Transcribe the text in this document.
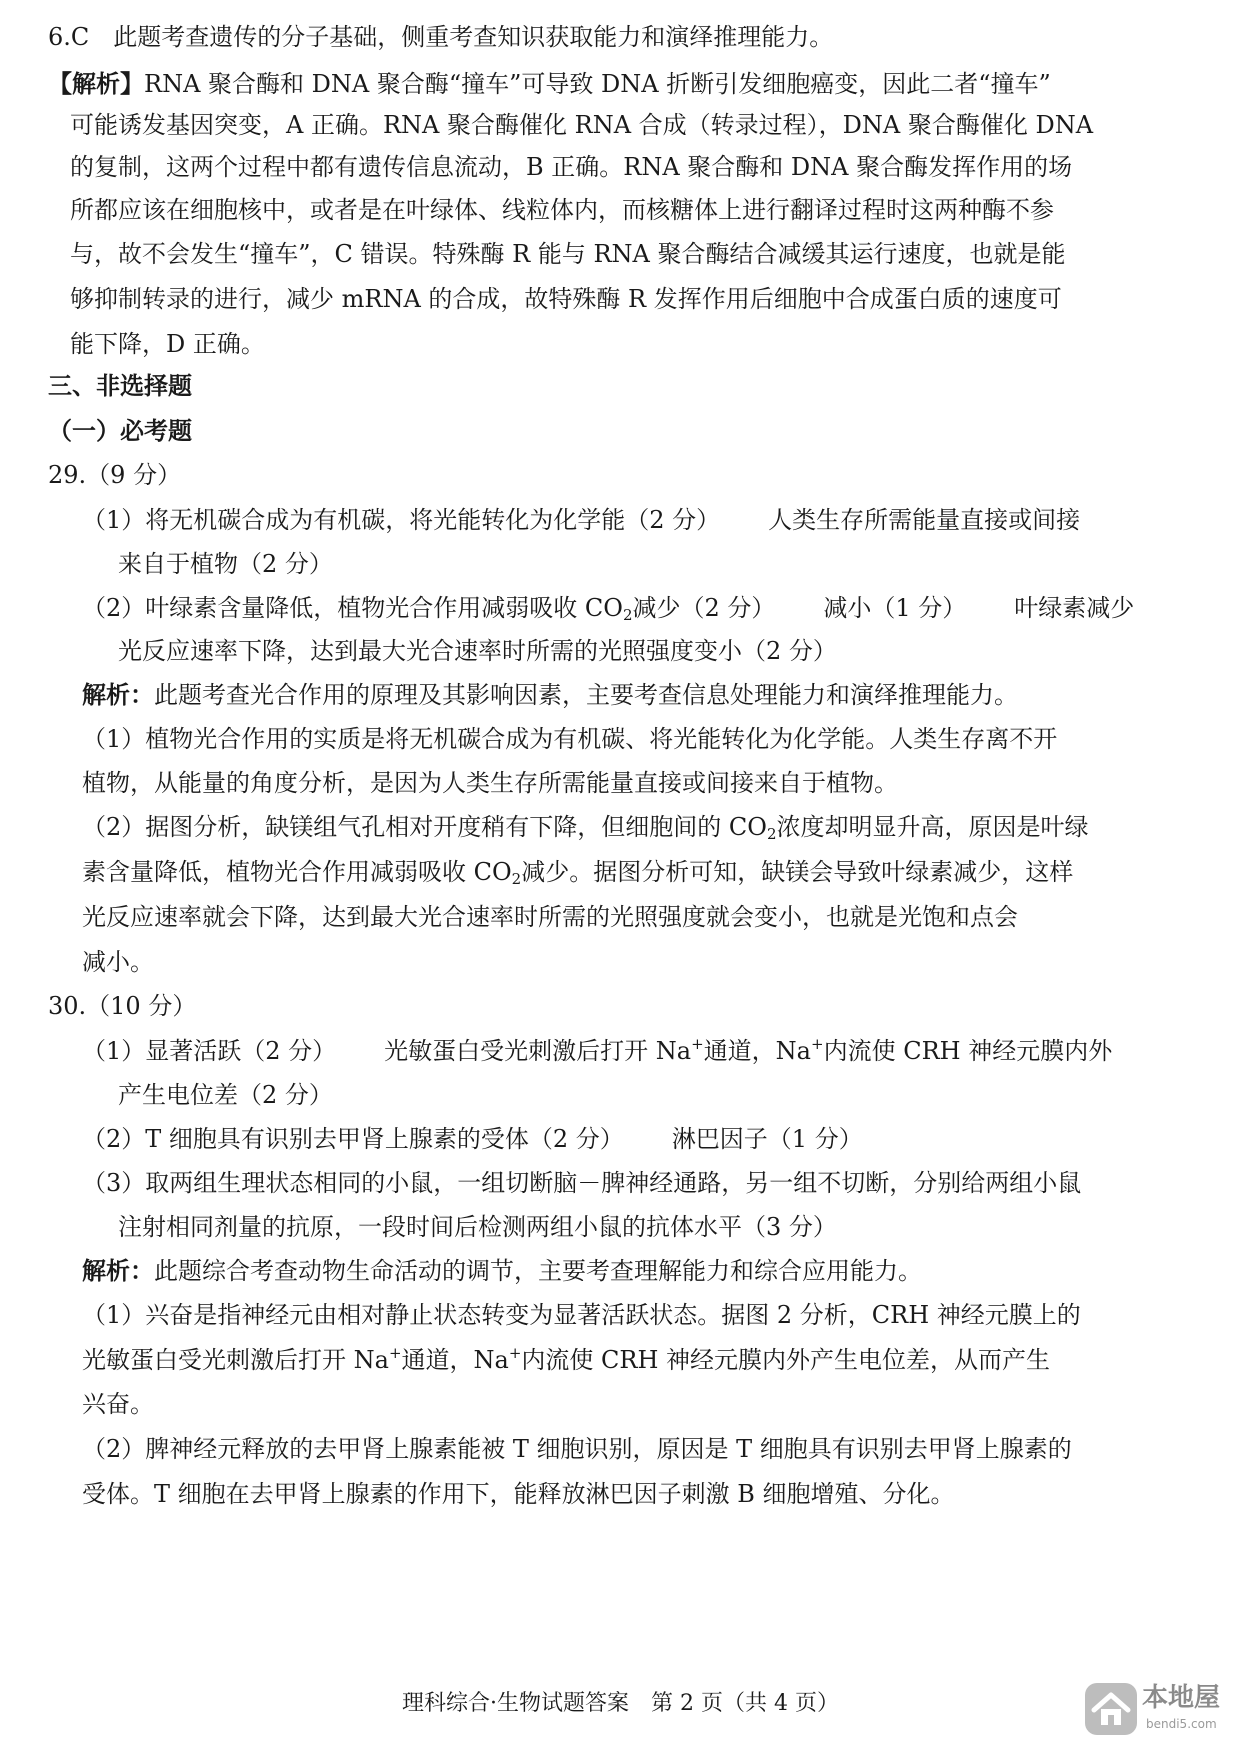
6.C　此题考查遗传的分子基础，侧重考查知识获取能力和演绎推理能力。
【解析】RNA 聚合酶和 DNA 聚合酶“撞车”可导致 DNA 折断引发细胞癌变，因此二者“撞车”
可能诱发基因突变，A 正确。RNA 聚合酶催化 RNA 合成（转录过程），DNA 聚合酶催化 DNA
的复制，这两个过程中都有遗传信息流动，B 正确。RNA 聚合酶和 DNA 聚合酶发挥作用的场
所都应该在细胞核中，或者是在叶绿体、线粒体内，而核糖体上进行翻译过程时这两种酶不参
与，故不会发生“撞车”，C 错误。特殊酶 R 能与 RNA 聚合酶结合减缓其运行速度，也就是能
够抑制转录的进行，减少 mRNA 的合成，故特殊酶 R 发挥作用后细胞中合成蛋白质的速度可
能下降，D 正确。
三、非选择题
（一）必考题
29.（9 分）
（1）将无机碳合成为有机碳，将光能转化为化学能（2 分） 人类生存所需能量直接或间接
来自于植物（2 分）
（2）叶绿素含量降低，植物光合作用减弱吸收 $CO_2$减少（2 分） 减小（1 分） 叶绿素减少
光反应速率下降，达到最大光合速率时所需的光照强度变小（2 分）
解析：此题考查光合作用的原理及其影响因素，主要考查信息处理能力和演绎推理能力。
（1）植物光合作用的实质是将无机碳合成为有机碳、将光能转化为化学能。人类生存离不开
植物，从能量的角度分析，是因为人类生存所需能量直接或间接来自于植物。
（2）据图分析，缺镁组气孔相对开度稍有下降，但细胞间的 $CO_2$浓度却明显升高，原因是叶绿
素含量降低，植物光合作用减弱吸收 $CO_2$减少。据图分析可知，缺镁会导致叶绿素减少，这样
光反应速率就会下降，达到最大光合速率时所需的光照强度就会变小，也就是光饱和点会
减小。
30.（10 分）
（1）显著活跃（2 分） 光敏蛋白受光刺激后打开 Na+通道，Na+内流使 CRH 神经元膜内外
产生电位差（2 分）
（2）T 细胞具有识别去甲肾上腺素的受体（2 分） 淋巴因子（1 分）
（3）取两组生理状态相同的小鼠，一组切断脑－脾神经通路，另一组不切断，分别给两组小鼠
注射相同剂量的抗原，一段时间后检测两组小鼠的抗体水平（3 分）
解析：此题综合考查动物生命活动的调节，主要考查理解能力和综合应用能力。
（1）兴奋是指神经元由相对静止状态转变为显著活跃状态。据图 2 分析，CRH 神经元膜上的
光敏蛋白受光刺激后打开 Na+通道，Na+内流使 CRH 神经元膜内外产生电位差，从而产生
兴奋。
（2）脾神经元释放的去甲肾上腺素能被 T 细胞识别，原因是 T 细胞具有识别去甲肾上腺素的
受体。T 细胞在去甲肾上腺素的作用下，能释放淋巴因子刺激 B 细胞增殖、分化。
理科综合·生物试题答案　第 2 页（共 4 页）	本地屋
bendi5.com
